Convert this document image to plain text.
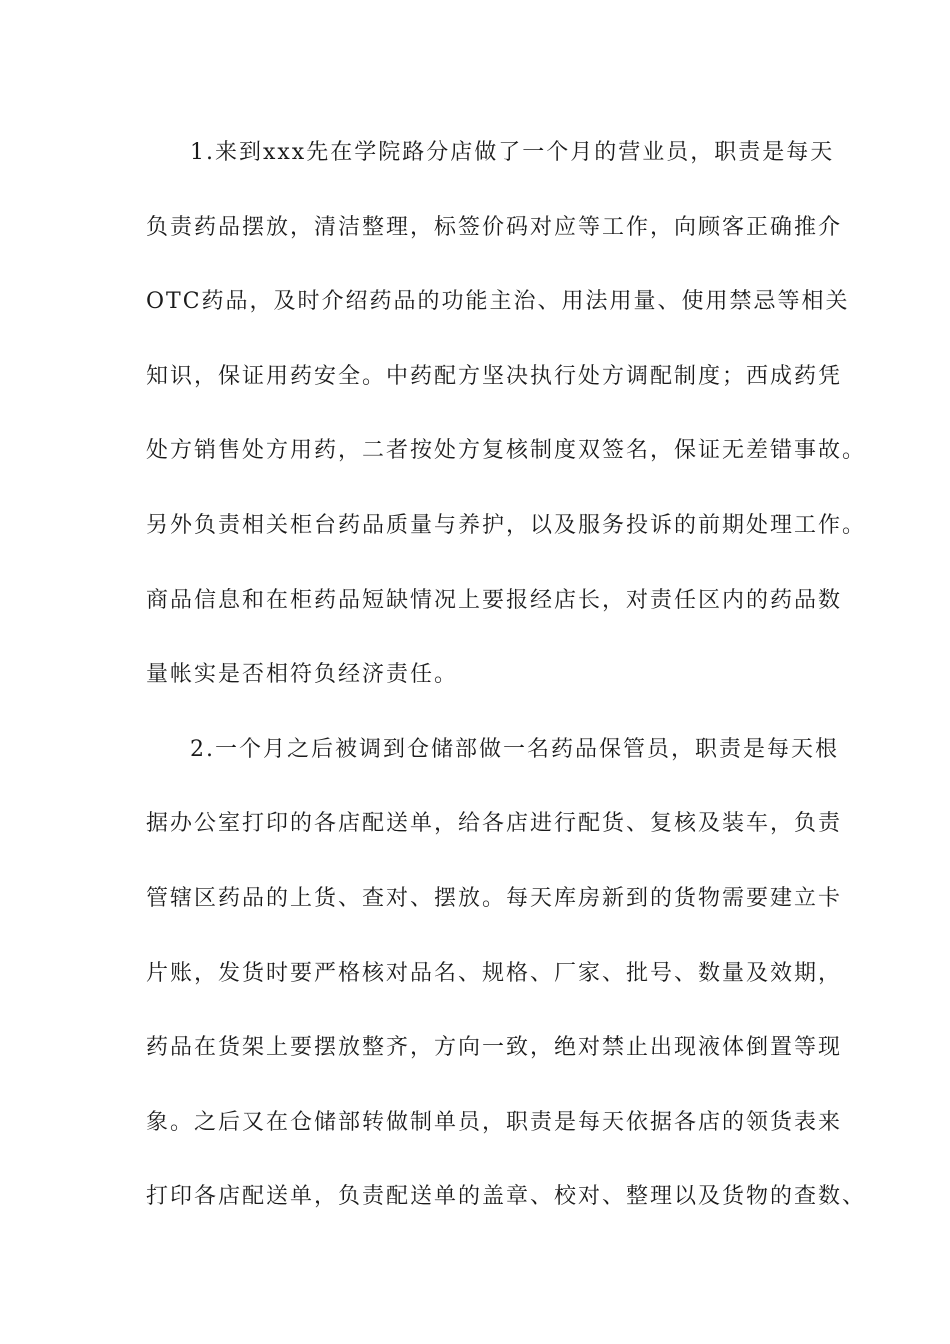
1.来到xxx先在学院路分店做了一个月的营业员，职责是每天
负责药品摆放，清洁整理，标签价码对应等工作，向顾客正确推介
OTC药品，及时介绍药品的功能主治、用法用量、使用禁忌等相关
知识，保证用药安全。中药配方坚决执行处方调配制度；西成药凭
处方销售处方用药，二者按处方复核制度双签名，保证无差错事故。
另外负责相关柜台药品质量与养护，以及服务投诉的前期处理工作。
商品信息和在柜药品短缺情况上要报经店长，对责任区内的药品数
量帐实是否相符负经济责任。
2.一个月之后被调到仓储部做一名药品保管员，职责是每天根
据办公室打印的各店配送单，给各店进行配货、复核及装车，负责
管辖区药品的上货、查对、摆放。每天库房新到的货物需要建立卡
片账，发货时要严格核对品名、规格、厂家、批号、数量及效期，
药品在货架上要摆放整齐，方向一致，绝对禁止出现液体倒置等现
象。之后又在仓储部转做制单员，职责是每天依据各店的领货表来
打印各店配送单，负责配送单的盖章、校对、整理以及货物的查数、
